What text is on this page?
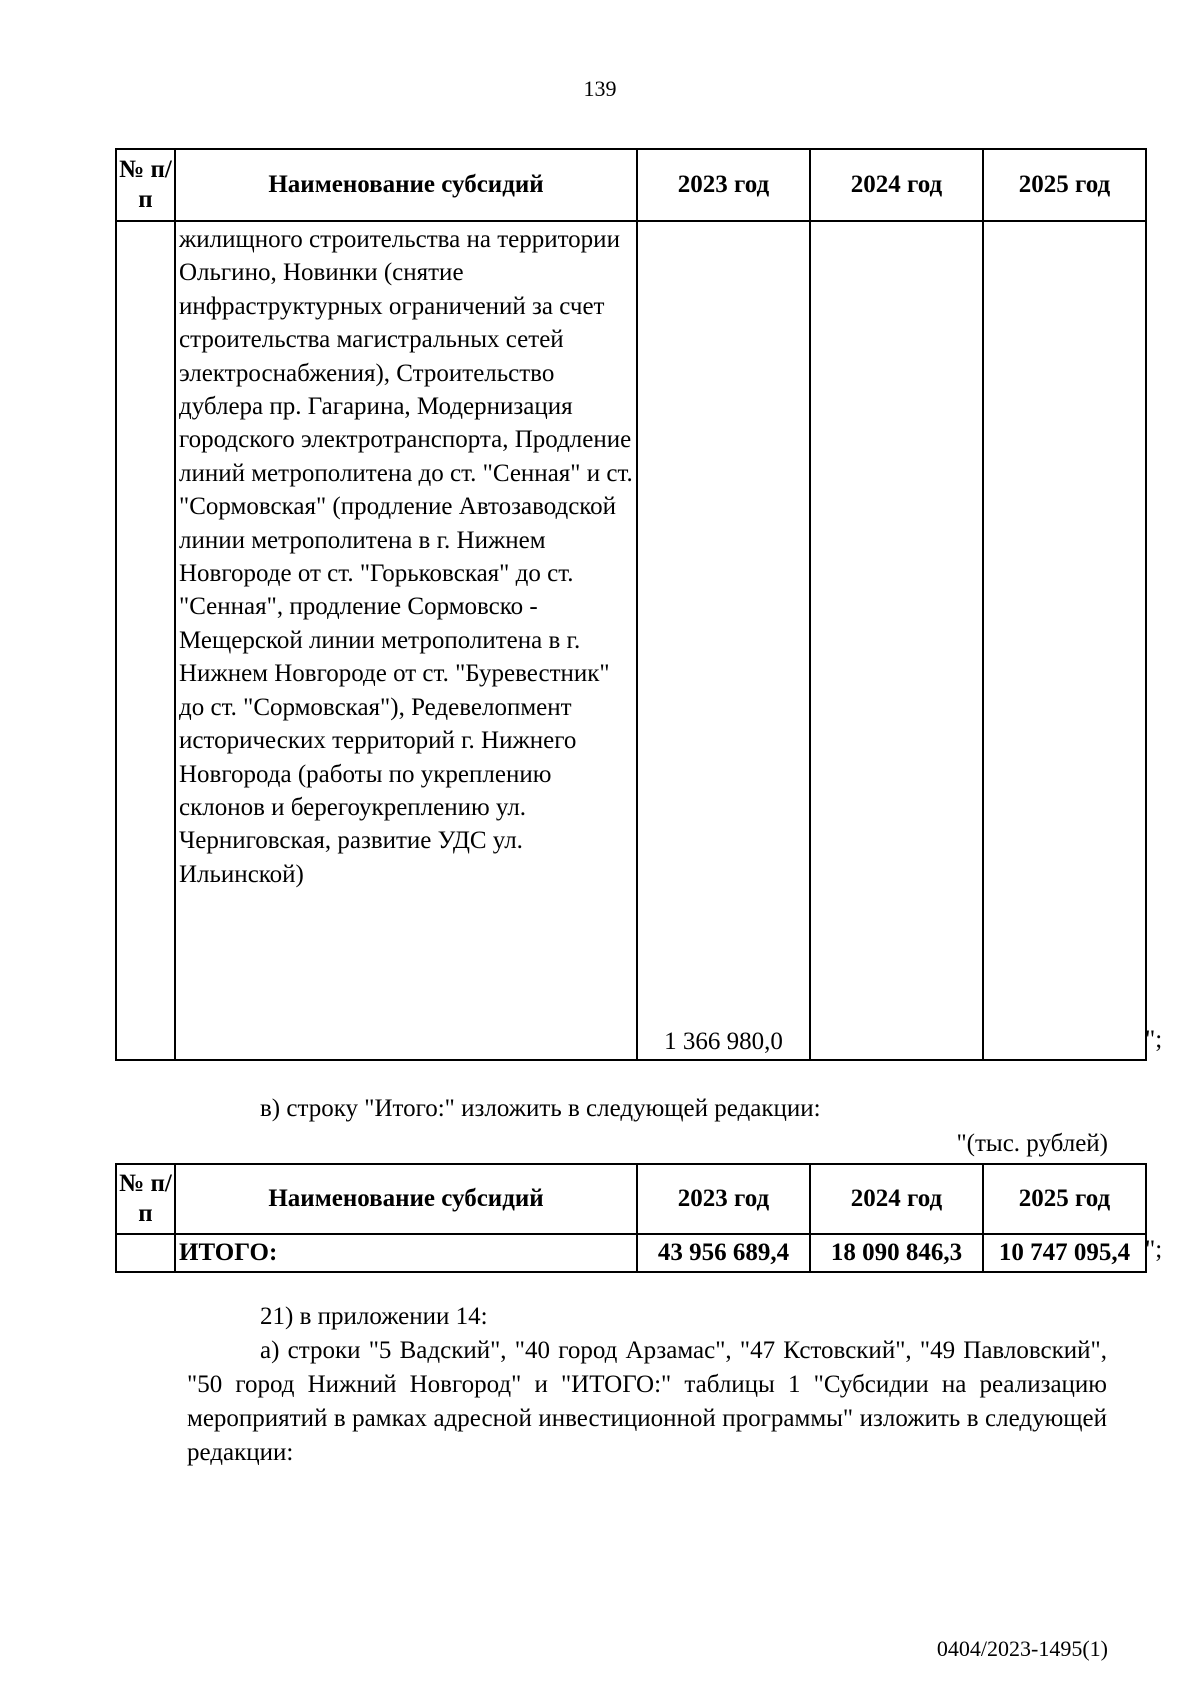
139
№ п/п	Наименование субсидий	2023 год	2024 год	2025 год
	жилищного строительства на территории Ольгино, Новинки (снятие инфраструктурных ограничений за счет строительства магистральных сетей электроснабжения), Строительство дублера пр. Гагарина, Модернизация городского электротранспорта, Продление линий метрополитена до ст. "Сенная" и ст. "Сормовская" (продление Автозаводской линии метрополитена в г. Нижнем Новгороде от ст. "Горьковская" до ст. "Сенная", продление Сормовско - Мещерской линии метрополитена в г. Нижнем Новгороде от ст. "Буревестник" до ст. "Сормовская"), Редевелопмент исторических территорий г. Нижнего Новгорода (работы по укреплению склонов и берегоукреплению ул. Черниговская, развитие УДС ул. Ильинской)	1 366 980,0			";
в) строку "Итого:" изложить в следующей редакции:
"(тыс. рублей)
№ п/п	Наименование субсидий	2023 год	2024 год	2025 год
	ИТОГО:	43 956 689,4	18 090 846,3	10 747 095,4 ";
21) в приложении 14:
а) строки "5 Вадский", "40 город Арзамас", "47 Кстовский", "49 Павловский", "50 город Нижний Новгород" и "ИТОГО:" таблицы 1 "Субсидии на реализацию мероприятий в рамках адресной инвестиционной программы" изложить в следующей редакции:
0404/2023-1495(1)
